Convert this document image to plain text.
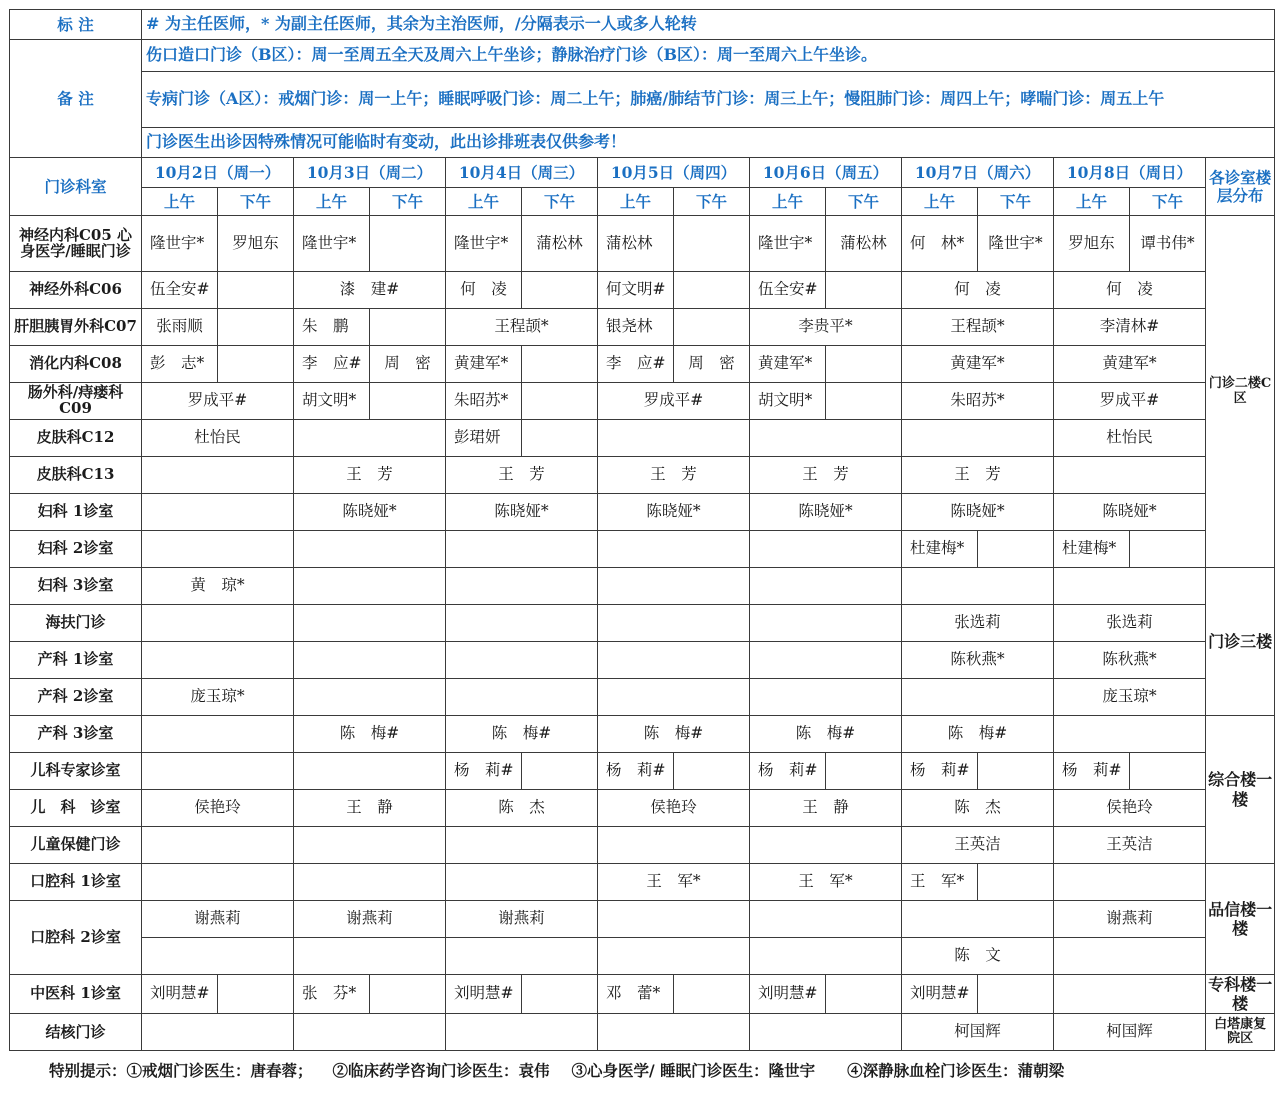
标 注	# 为主任医师，* 为副主任医师，其余为主治医师，/分隔表示一人或多人轮转														
备 注	伤口造口门诊（B区）：周一至周五全天及周六上午坐诊；静脉治疗门诊（B区）：周一至周六上午坐诊。														
	专病门诊（A区）：戒烟门诊：周一上午；睡眠呼吸门诊：周二上午；肺癌/肺结节门诊：周三上午；慢阻肺门诊：周四上午；哮喘门诊：周五上午														
	门诊医生出诊因特殊情况可能临时有变动，此出诊排班表仅供参考！														
门诊科室	10月2日（周一）		10月3日（周二）		10月4日（周三）		10月5日（周四）		10月6日（周五）		10月7日（周六）		10月8日（周日）		各诊室楼层分布
	上午	下午	上午	下午	上午	下午	上午	下午	上午	下午	上午	下午	上午	下午	
神经内科C05 心身医学/睡眠门诊	隆世宇*	罗旭东	隆世宇*		隆世宇*	蒲松林	蒲松林		隆世宇*	蒲松林	何　林*	隆世宇*	罗旭东	谭书伟*	门诊二楼C区
神经外科C06	伍全安#		漆　建#		何　凌		何文明#		伍全安#		何　凌		何　凌		
肝胆胰胃外科C07	张雨顺		朱　鹏		王程颉*		银尧林		李贵平*		王程颉*		李清林#		
消化内科C08	彭　志*		李　应#	周　密	黄建军*		李　应#	周　密	黄建军*		黄建军*		黄建军*		
肠外科/痔瘘科C09	罗成平#		胡文明*		朱昭苏*		罗成平#		胡文明*		朱昭苏*		罗成平#		
皮肤科C12	杜怡民				彭珺妍								杜怡民		
皮肤科C13			王　芳		王　芳		王　芳		王　芳		王　芳				
妇科 1诊室			陈晓娅*		陈晓娅*		陈晓娅*		陈晓娅*		陈晓娅*		陈晓娅*		
妇科 2诊室											杜建梅*		杜建梅*		
妇科 3诊室	黄　琼*														门诊三楼
海扶门诊											张选莉		张选莉		
产科 1诊室											陈秋燕*		陈秋燕*		
产科 2诊室	庞玉琼*												庞玉琼*		
产科 3诊室			陈　梅#		陈　梅#		陈　梅#		陈　梅#		陈　梅#				综合楼一楼
儿科专家诊室					杨　莉#		杨　莉#		杨　莉#		杨　莉#		杨　莉#		
儿　科　诊室	侯艳玲		王　静		陈　杰		侯艳玲		王　静		陈　杰		侯艳玲		
儿童保健门诊											王英洁		王英洁		
口腔科 1诊室							王　军*		王　军*		王　军*				品信楼一楼
口腔科 2诊室	谢燕莉		谢燕莉		谢燕莉								谢燕莉		
											陈　文				
中医科 1诊室	刘明慧#		张　芬*		刘明慧#		邓　蕾*		刘明慧#		刘明慧#				专科楼一楼
结核门诊											柯国辉		柯国辉		白塔康复院区
特别提示：①戒烟门诊医生：唐春蓉； ②临床药学咨询门诊医生：袁伟 ③心身医学/ 睡眠门诊医生：隆世宇 ④深静脉血栓门诊医生：蒲朝梁
